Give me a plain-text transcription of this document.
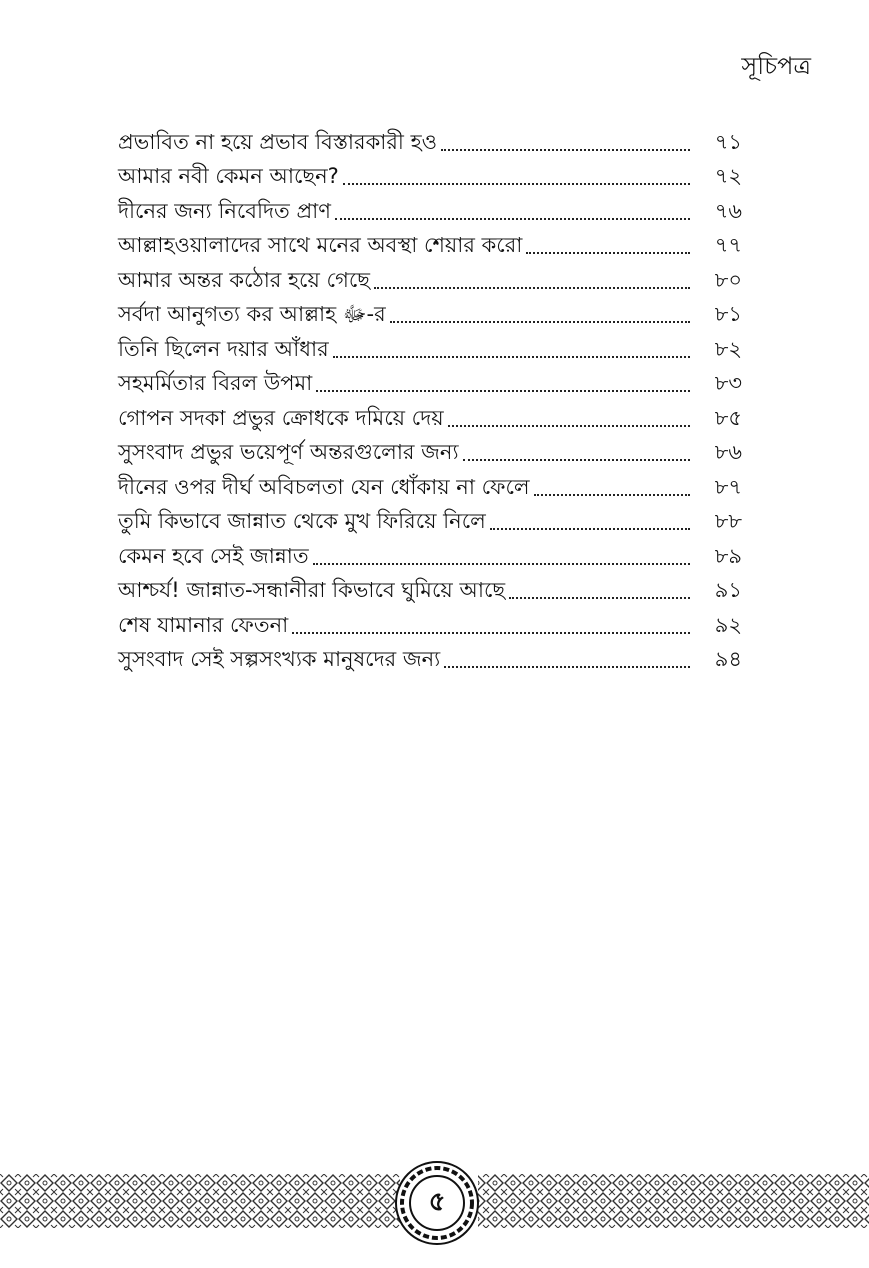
সূচিপত্র
প্রভাবিত না হয়ে প্রভাব বিস্তারকারী হও	৭১
আমার নবী কেমন আছেন?	৭২
দীনের জন্য নিবেদিত প্রাণ	৭৬
আল্লাহওয়ালাদের সাথে মনের অবস্থা শেয়ার করো	৭৭
আমার অন্তর কঠোর হয়ে গেছে	৮০
সর্বদা আনুগত্য কর আল্লাহ ﷻ-র	৮১
তিনি ছিলেন দয়ার আঁধার	৮২
সহমর্মিতার বিরল উপমা	৮৩
গোপন সদকা প্রভুর ক্রোধকে দমিয়ে দেয়	৮৫
সুসংবাদ প্রভুর ভয়েপূর্ণ অন্তরগুলোর জন্য	৮৬
দীনের ওপর দীর্ঘ অবিচলতা যেন ধোঁকায় না ফেলে	৮৭
তুমি কিভাবে জান্নাত থেকে মুখ ফিরিয়ে নিলে	৮৮
কেমন হবে সেই জান্নাত	৮৯
আশ্চর্য! জান্নাত-সন্ধানীরা কিভাবে ঘুমিয়ে আছে	৯১
শেষ যামানার ফেতনা	৯২
সুসংবাদ সেই সল্পসংখ্যক মানুষদের জন্য	৯৪
৫
